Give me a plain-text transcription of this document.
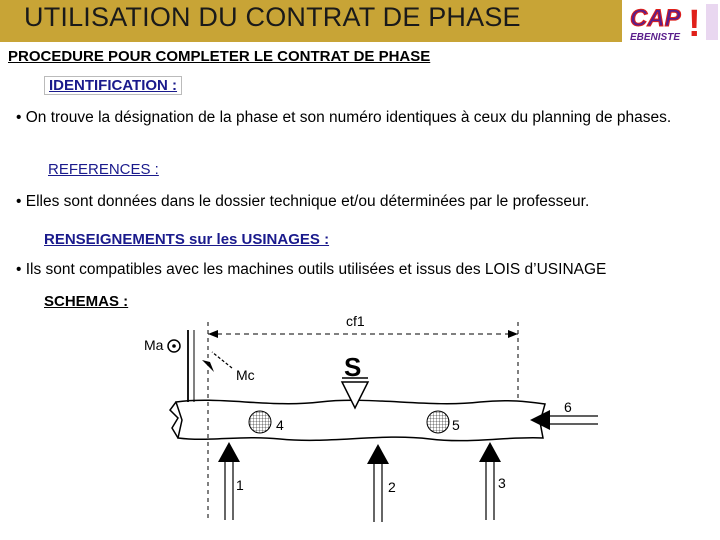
UTILISATION DU CONTRAT DE PHASE	CAP
EBENISTE !
PROCEDURE POUR COMPLETER LE CONTRAT DE PHASE
IDENTIFICATION :
• On trouve la désignation de la phase et son numéro identiques à ceux du planning de phases.
REFERENCES :
• Elles sont données dans le dossier technique et/ou déterminées par le professeur.
RENSEIGNEMENTS sur les USINAGES :
• Ils sont compatibles avec les machines outils utilisées et issus des LOIS d’USINAGE
SCHEMAS :
cf1
Ma
Mc	S
4	5
6
1	2	3
